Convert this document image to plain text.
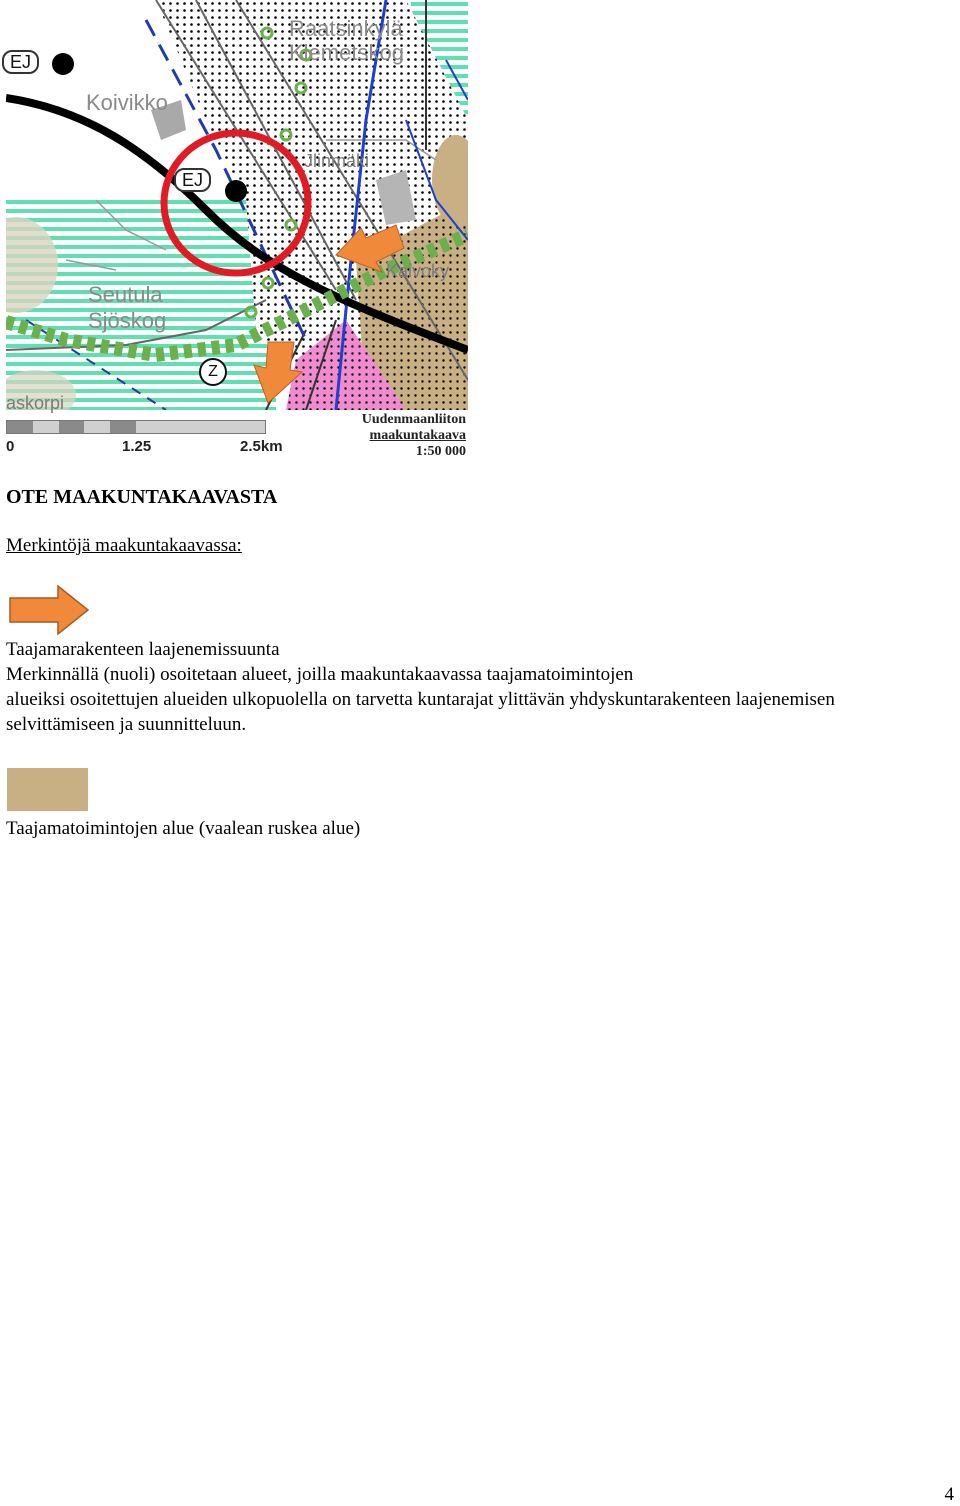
Raatsinkylä
Klemetskog
Koivikko
Jlinmäki
Kaivoky
Seutula
Sjöskog
askorpi
EJ
EJ
Z
0	1.25	2.5km
Uudenmaanliiton
maakuntakaava
1:50 000
OTE MAAKUNTAKAAVASTA
Merkintöjä maakuntakaavassa:

Taajamarakenteen laajenemissuunta

Merkinnällä (nuoli) osoitetaan alueet, joilla maakuntakaavassa taajamatoimintojen

alueiksi osoitettujen alueiden ulkopuolella on tarvetta kuntarajat ylittävän yhdyskuntarakenteen laajenemisen

selvittämiseen ja suunnitteluun.

Taajamatoimintojen alue (vaalean ruskea alue)
4
